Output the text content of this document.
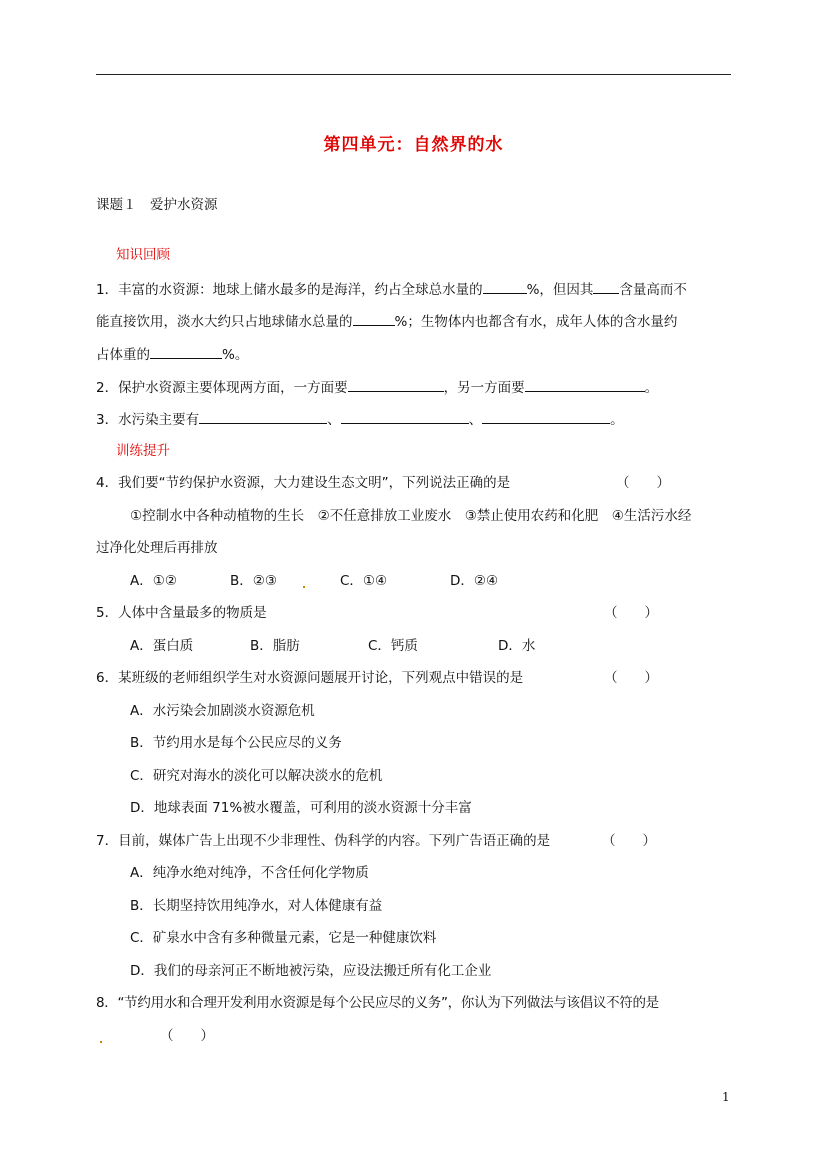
第四单元：自然界的水
课题１　爱护水资源
知识回顾
1．丰富的水资源：地球上储水最多的是海洋，约占全球总水量的	%，但因其 含量高而不
能直接饮用，淡水大约只占地球储水总量的	%；生物体内也都含有水，成年人体的含水量约
占体重的	%。
2．保护水资源主要体现两方面，一方面要	，另一方面要	。
3．水污染主要有	、	、	。
训练提升
4．我们要“节约保护水资源，大力建设生态文明”，下列说法正确的是	（　　）
①控制水中各种动植物的生长　②不任意排放工业废水　③禁止使用农药和化肥　④生活污水经
过净化处理后再排放
A．①②	B．②③	C．①④	D．②④
5．人体中含量最多的物质是	（　　）
A．蛋白质	B．脂肪	C．钙质	D．水
6．某班级的老师组织学生对水资源问题展开讨论，下列观点中错误的是	（　　）
A．水污染会加剧淡水资源危机
B．节约用水是每个公民应尽的义务
C．研究对海水的淡化可以解决淡水的危机
D．地球表面 71%被水覆盖，可利用的淡水资源十分丰富
7．目前，媒体广告上出现不少非理性、伪科学的内容。下列广告语正确的是	（　　）
A．纯净水绝对纯净，不含任何化学物质
B．长期坚持饮用纯净水，对人体健康有益
C．矿泉水中含有多种微量元素，它是一种健康饮料
D．我们的母亲河正不断地被污染，应设法搬迁所有化工企业
8．“节约用水和合理开发利用水资源是每个公民应尽的义务”，你认为下列做法与该倡议不符的是
（　　）
1
